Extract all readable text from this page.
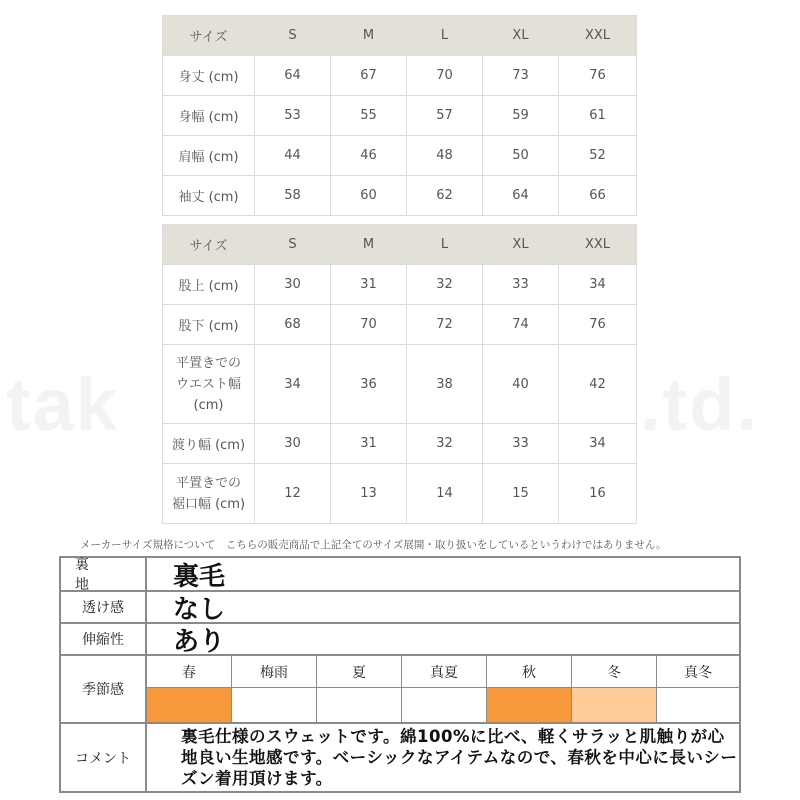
tak	.td.
サイズ	S	M	L	XL	XXL
身丈 (cm)	64	67	70	73	76
身幅 (cm)	53	55	57	59	61
肩幅 (cm)	44	46	48	50	52
袖丈 (cm)	58	60	62	64	66
サイズ	S	M	L	XL	XXL
股上 (cm)	30	31	32	33	34
股下 (cm)	68	70	72	74	76

平置きでの
ウエスト幅
(cm)	34	36	38	40	42
渡り幅 (cm)	30	31	32	33	34

平置きでの
裾口幅 (cm)	12	13	14	15	16
メーカーサイズ規格について　こちらの販売商品で上記全てのサイズ展開・取り扱いをしているというわけではありません。
裏 地	裏毛
透け感	なし
伸縮性	あり
季節感
春	梅雨	夏	真夏	秋	冬	真冬
コメント
裏毛仕様のスウェットです。綿100%に比べ、軽くサラッと肌触りが心地良い生地感です。ベーシックなアイテムなので、春秋を中心に長いシーズン着用頂けます。
